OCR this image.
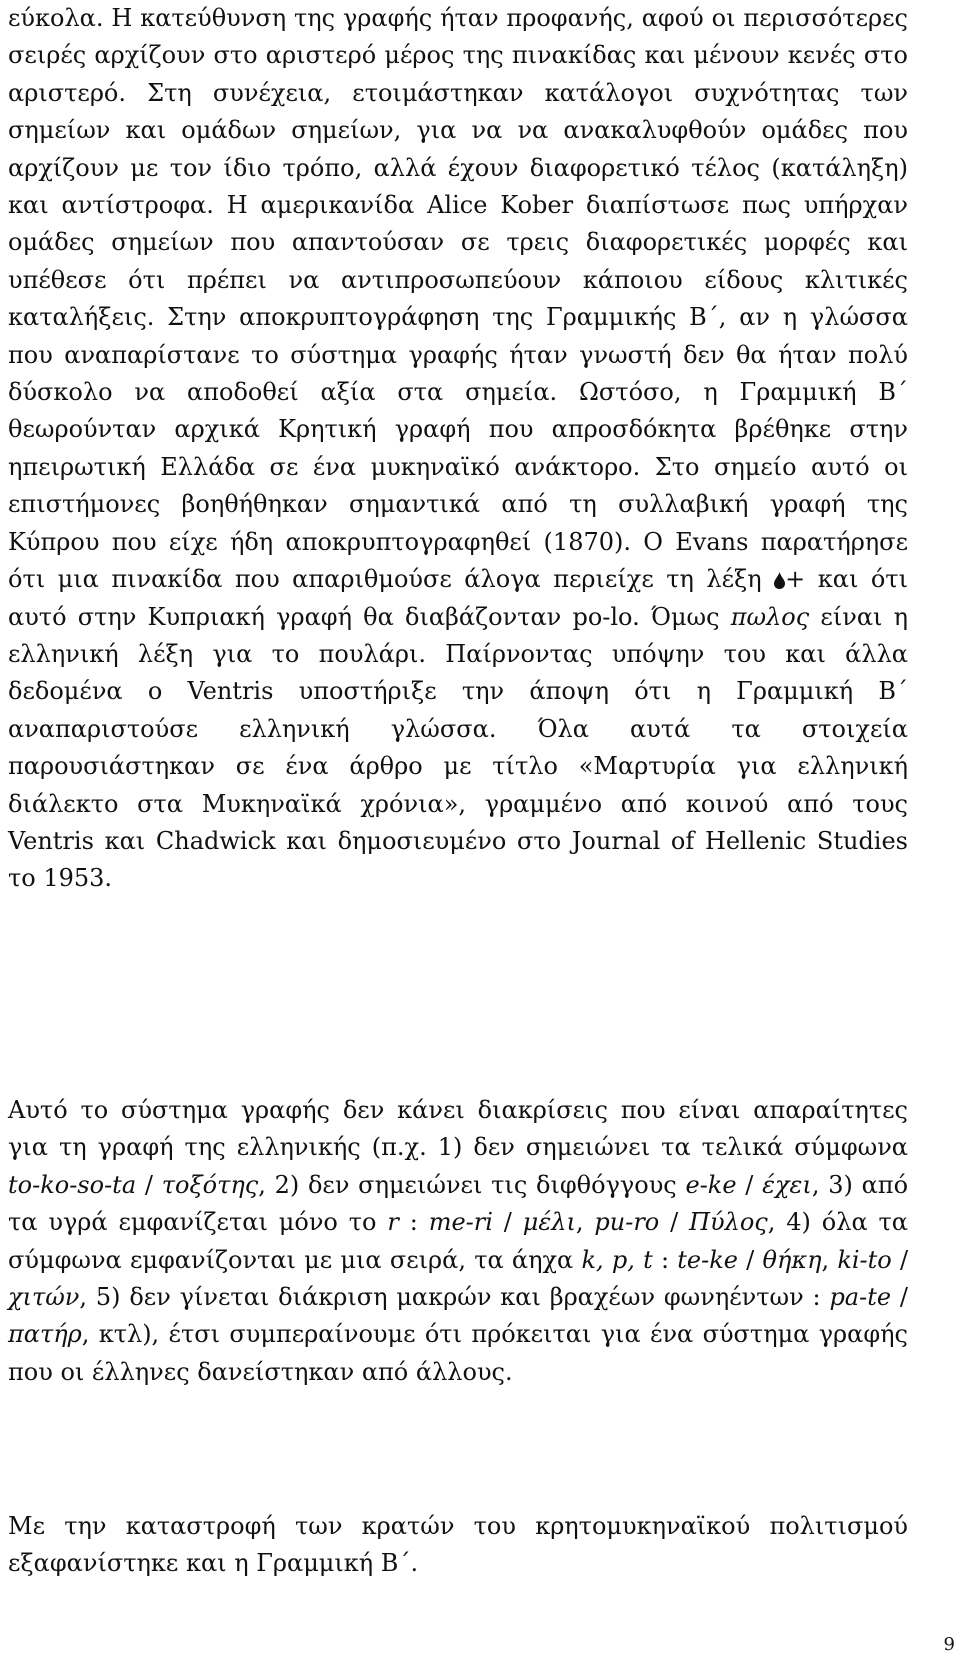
εύκολα. Η κατεύθυνση της γραφής ήταν προφανής, αφού οι περισσότερες σειρές αρχίζουν στο αριστερό μέρος της πινακίδας και μένουν κενές στο αριστερό. Στη συνέχεια, ετοιμάστηκαν κατάλογοι συχνότητας των σημείων και ομάδων σημείων, για να να ανακαλυφθούν ομάδες που αρχίζουν με τον ίδιο τρόπο, αλλά έχουν διαφορετικό τέλος (κατάληξη) και αντίστροφα. Η αμερικανίδα Alice Kober διαπίστωσε πως υπήρχαν ομάδες σημείων που απαντούσαν σε τρεις διαφορετικές μορφές και υπέθεσε ότι πρέπει να αντιπροσωπεύουν κάποιου είδους κλιτικές καταλήξεις. Στην αποκρυπτογράφηση της Γραμμικής Β΄, αν η γλώσσα που αναπαρίστανε το σύστημα γραφής ήταν γνωστή δεν θα ήταν πολύ δύσκολο να αποδοθεί αξία στα σημεία. Ωστόσο, η Γραμμική Β΄ θεωρούνταν αρχικά Κρητική γραφή που απροσδόκητα βρέθηκε στην ηπειρωτική Ελλάδα σε ένα μυκηναϊκό ανάκτορο. Στο σημείο αυτό οι επιστήμονες βοηθήθηκαν σημαντικά από τη συλλαβική γραφή της Κύπρου που είχε ήδη αποκρυπτογραφηθεί (1870). Ο Evans παρατήρησε ότι μια πινακίδα που απαριθμούσε άλογα περιείχε τη λέξη + και ότι αυτό στην Κυπριακή γραφή θα διαβάζονταν po-lo. Όμως πωλος είναι η ελληνική λέξη για το πουλάρι. Παίρνοντας υπόψην του και άλλα δεδομένα ο Ventris υποστήριξε την άποψη ότι η Γραμμική Β΄ αναπαριστούσε ελληνική γλώσσα. Όλα αυτά τα στοιχεία παρουσιάστηκαν σε ένα άρθρο με τίτλο «Μαρτυρία για ελληνική διάλεκτο στα Μυκηναϊκά χρόνια», γραμμένο από κοινού από τους Ventris και Chadwick και δημοσιευμένο στο Journal of Hellenic Studies το 1953.

Αυτό το σύστημα γραφής δεν κάνει διακρίσεις που είναι απαραίτητες για τη γραφή της ελληνικής (π.χ. 1) δεν σημειώνει τα τελικά σύμφωνα to-ko-so-ta / τοξότης, 2) δεν σημειώνει τις διφθόγγους e-ke / έχει, 3) από τα υγρά εμφανίζεται μόνο το r : me-ri / μέλι, pu-ro / Πύλος, 4) όλα τα σύμφωνα εμφανίζονται με μια σειρά, τα άηχα k, p, t : te-ke / θήκη, ki-to / χιτών, 5) δεν γίνεται διάκριση μακρών και βραχέων φωνηέντων : pa-te / πατήρ, κτλ), έτσι συμπεραίνουμε ότι πρόκειται για ένα σύστημα γραφής που οι έλληνες δανείστηκαν από άλλους.

Με την καταστροφή των κρατών του κρητομυκηναϊκού πολιτισμού εξαφανίστηκε και η Γραμμική Β΄.

9
